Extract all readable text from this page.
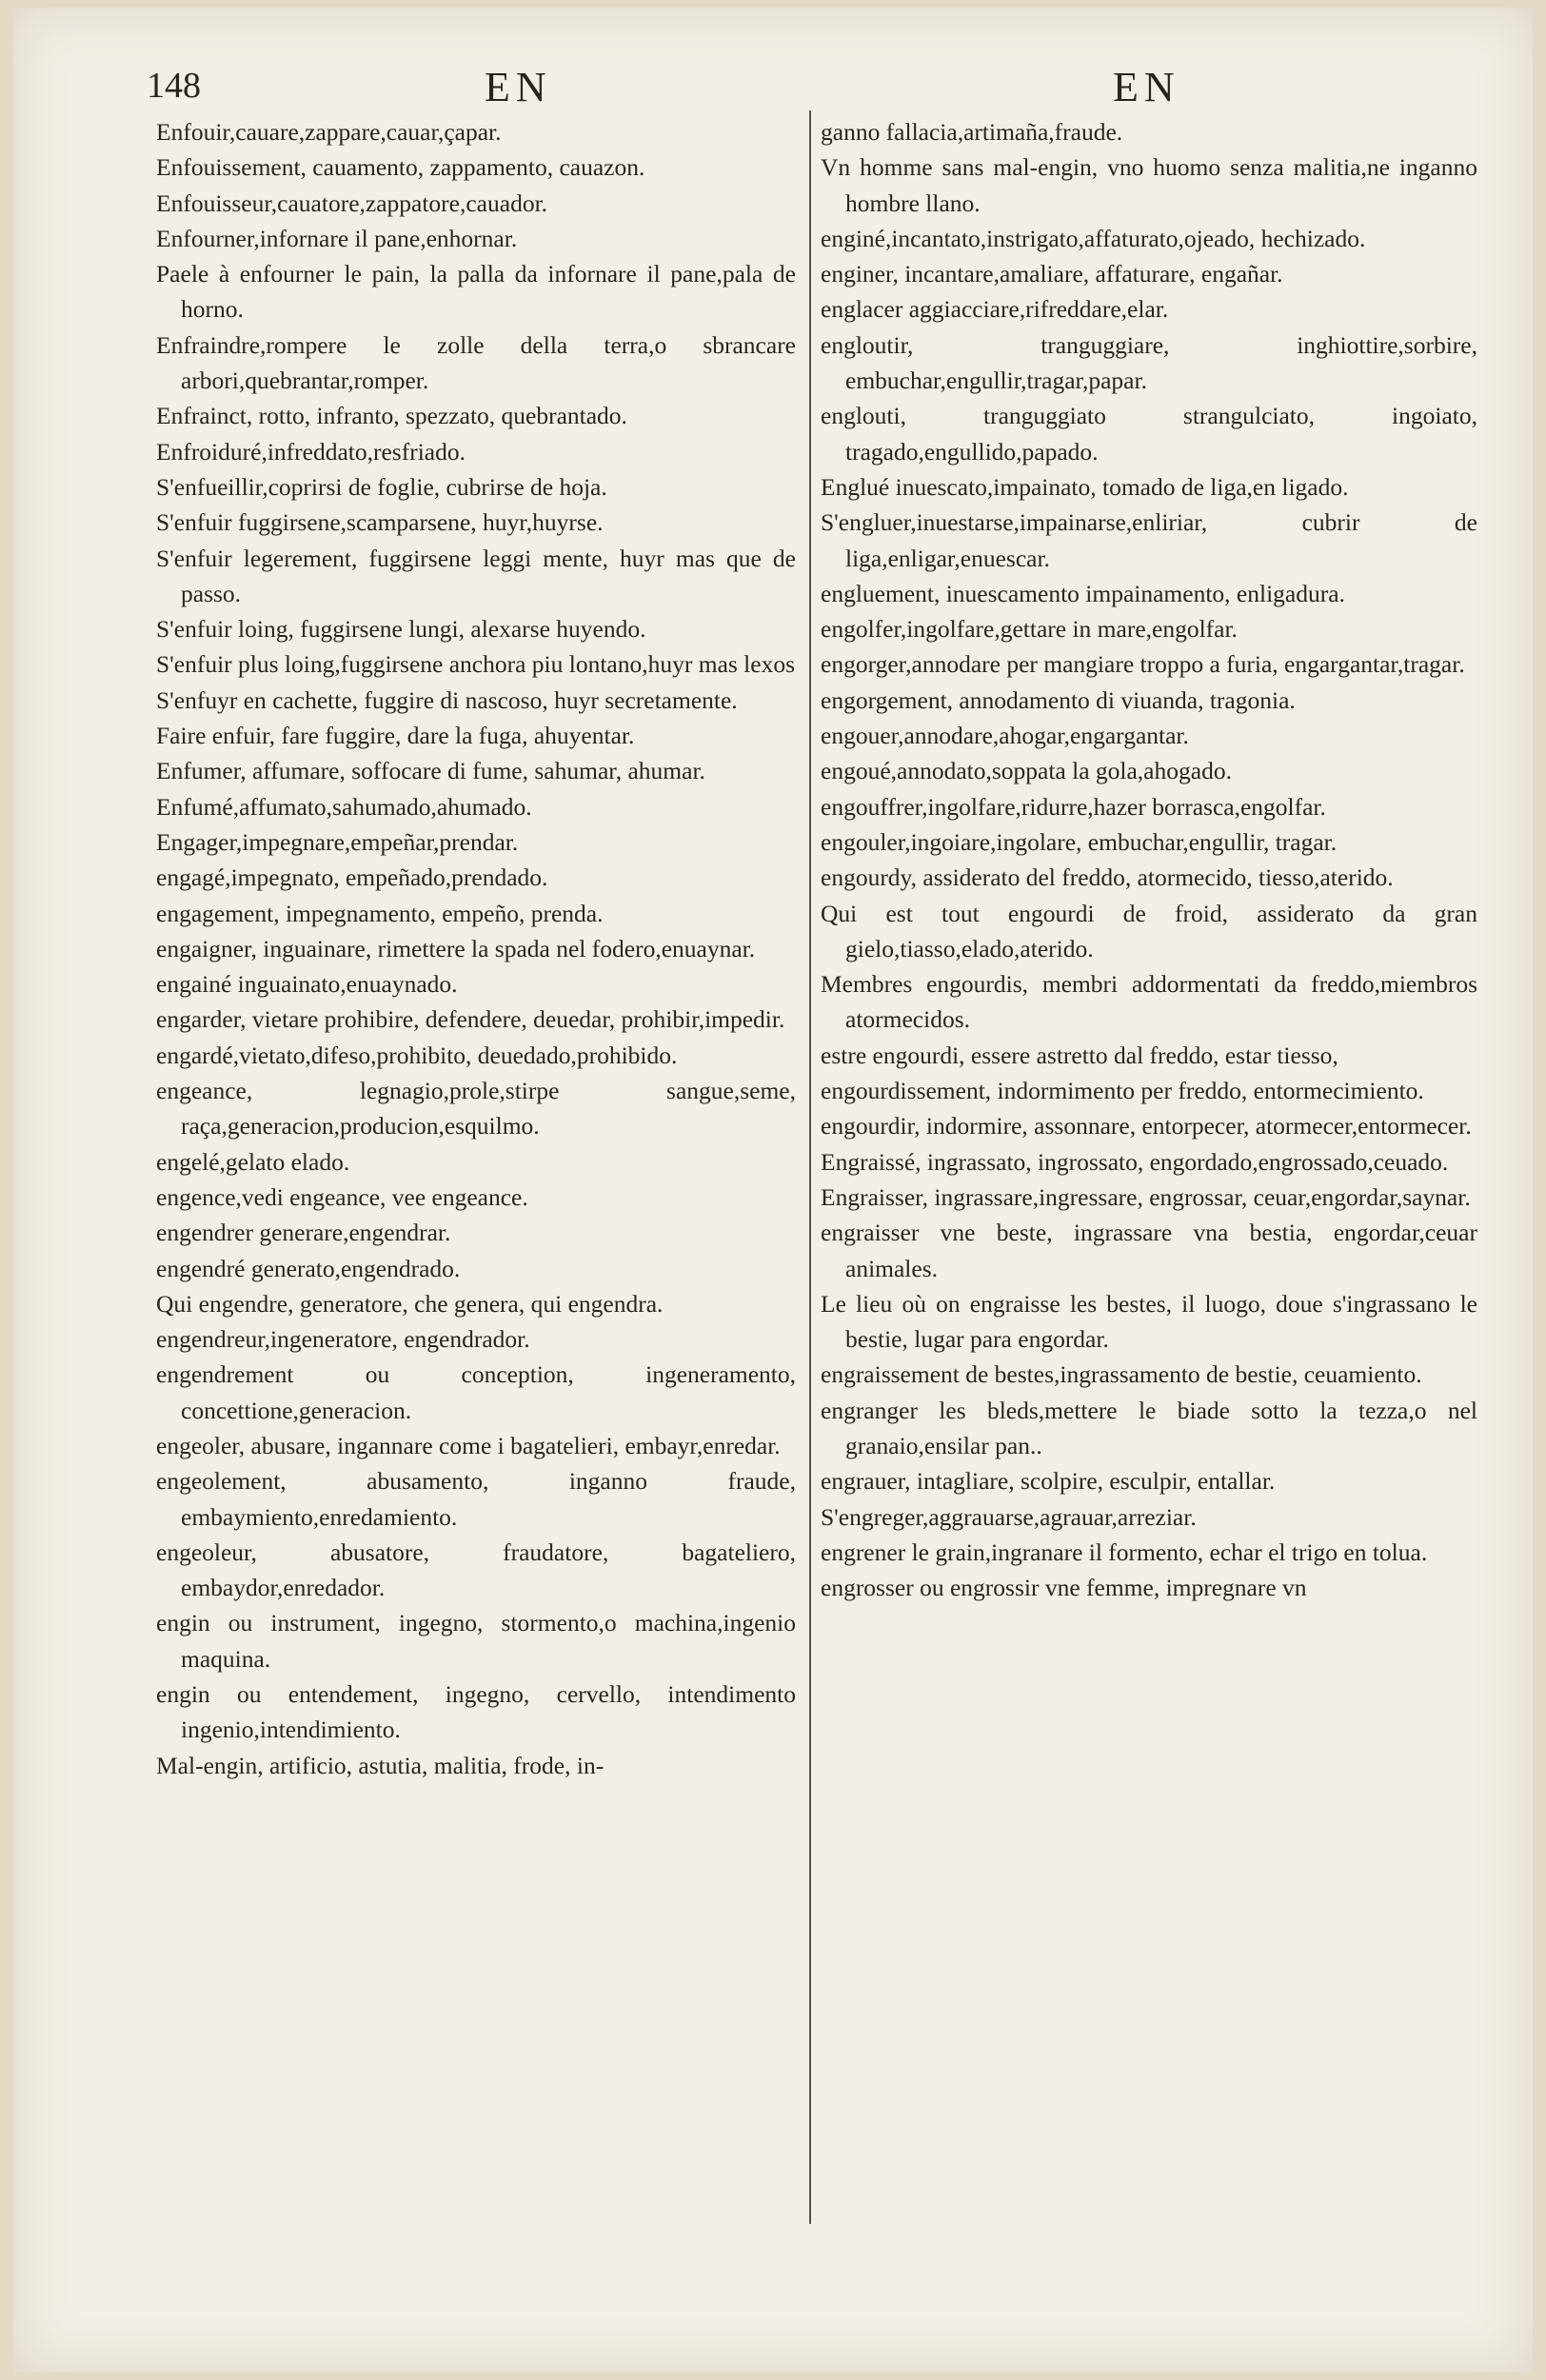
148	EN	EN
Enfouir,cauare,zappare,cauar,çapar.
Enfouissement, cauamento, zappamento, cauazon.
Enfouisseur,cauatore,zappatore,cauador.
Enfourner,infornare il pane,enhornar.
Paele à enfourner le pain, la palla da infornare il pane,pala de horno.
Enfraindre,rompere le zolle della terra,o sbrancare arbori,quebrantar,romper.
Enfrainct, rotto, infranto, spezzato, quebrantado.
Enfroiduré,infreddato,resfriado.
S'enfueillir,coprirsi de foglie, cubrirse de hoja.
S'enfuir fuggirsene,scamparsene, huyr,huyrse.
S'enfuir legerement, fuggirsene leggi mente, huyr mas que de passo.
S'enfuir loing, fuggirsene lungi, alexarse huyendo.
S'enfuir plus loing,fuggirsene anchora piu lontano,huyr mas lexos
S'enfuyr en cachette, fuggire di nascoso, huyr secretamente.
Faire enfuir, fare fuggire, dare la fuga, ahuyentar.
Enfumer, affumare, soffocare di fume, sahumar, ahumar.
Enfumé,affumato,sahumado,ahumado.
Engager,impegnare,empeñar,prendar.
engagé,impegnato, empeñado,prendado.
engagement, impegnamento, empeño, prenda.
engaigner, inguainare, rimettere la spada nel fodero,enuaynar.
engainé inguainato,enuaynado.
engarder, vietare prohibire, defendere, deuedar, prohibir,impedir.
engardé,vietato,difeso,prohibito, deuedado,prohibido.
engeance, legnagio,prole,stirpe sangue,seme, raça,generacion,producion,esquilmo.
engelé,gelato elado.
engence,vedi engeance, vee engeance.
engendrer generare,engendrar.
engendré generato,engendrado.
Qui engendre, generatore, che genera, qui engendra.
engendreur,ingeneratore, engendrador.
engendrement ou conception, ingeneramento, concettione,generacion.
engeoler, abusare, ingannare come i bagatelieri, embayr,enredar.
engeolement, abusamento, inganno fraude, embaymiento,enredamiento.
engeoleur, abusatore, fraudatore, bagateliero, embaydor,enredador.
engin ou instrument, ingegno, stormento,o machina,ingenio maquina.
engin ou entendement, ingegno, cervello, intendimento ingenio,intendimiento.
Mal-engin, artificio, astutia, malitia, frode, in-
ganno fallacia,artimaña,fraude.
Vn homme sans mal-engin, vno huomo senza malitia,ne inganno hombre llano.
enginé,incantato,instrigato,affaturato,ojeado, hechizado.
enginer, incantare,amaliare, affaturare, engañar.
englacer aggiacciare,rifreddare,elar.
engloutir, tranguggiare, inghiottire,sorbire, embuchar,engullir,tragar,papar.
englouti, tranguggiato strangulciato, ingoiato, tragado,engullido,papado.
Englué inuescato,impainato, tomado de liga,en ligado.
S'engluer,inuestarse,impainarse,enliriar, cubrir de liga,enligar,enuescar.
engluement, inuescamento impainamento, enligadura.
engolfer,ingolfare,gettare in mare,engolfar.
engorger,annodare per mangiare troppo a furia, engargantar,tragar.
engorgement, annodamento di viuanda, tragonia.
engouer,annodare,ahogar,engargantar.
engoué,annodato,soppata la gola,ahogado.
engouffrer,ingolfare,ridurre,hazer borrasca,engolfar.
engouler,ingoiare,ingolare, embuchar,engullir, tragar.
engourdy, assiderato del freddo, atormecido, tiesso,aterido.
Qui est tout engourdi de froid, assiderato da gran gielo,tiasso,elado,aterido.
Membres engourdis, membri addormentati da freddo,miembros atormecidos.
estre engourdi, essere astretto dal freddo, estar tiesso,
engourdissement, indormimento per freddo, entormecimiento.
engourdir, indormire, assonnare, entorpecer, atormecer,entormecer.
Engraissé, ingrassato, ingrossato, engordado,engrossado,ceuado.
Engraisser, ingrassare,ingressare, engrossar, ceuar,engordar,saynar.
engraisser vne beste, ingrassare vna bestia, engordar,ceuar animales.
Le lieu où on engraisse les bestes, il luogo, doue s'ingrassano le bestie, lugar para engordar.
engraissement de bestes,ingrassamento de bestie, ceuamiento.
engranger les bleds,mettere le biade sotto la tezza,o nel granaio,ensilar pan..
engrauer, intagliare, scolpire, esculpir, entallar.
S'engreger,aggrauarse,agrauar,arreziar.
engrener le grain,ingranare il formento, echar el trigo en tolua.
engrosser ou engrossir vne femme, impregnare vn
